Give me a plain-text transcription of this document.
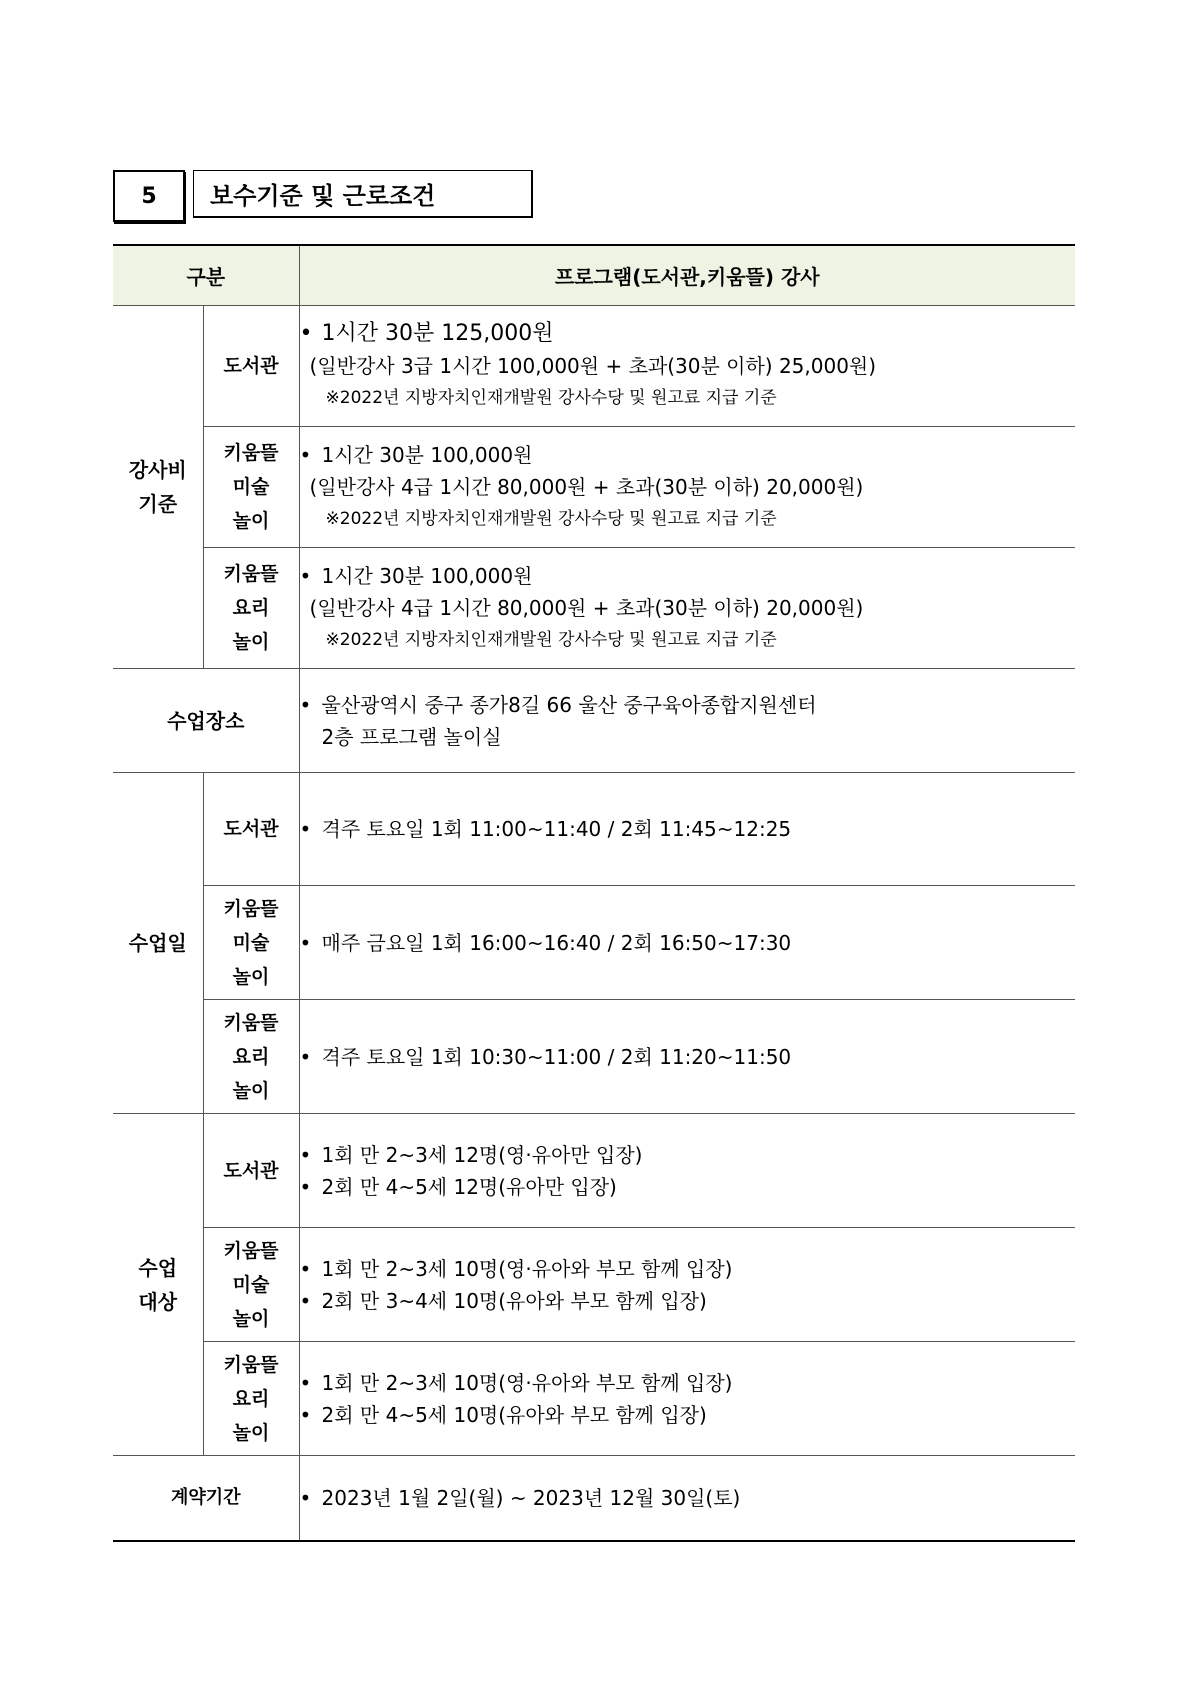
5	보수기준 및 근로조건
구분		프로그램(도서관,키움뜰) 강사
강사비 기준	도서관	• 1시간 30분 125,000원
(일반강사 3급 1시간 100,000원 + 초과(30분 이하) 25,000원)
※2022년 지방자치인재개발원 강사수당 및 원고료 지급 기준

	키움뜰 미술 놀이	• 1시간 30분 100,000원
(일반강사 4급 1시간 80,000원 + 초과(30분 이하) 20,000원)
※2022년 지방자치인재개발원 강사수당 및 원고료 지급 기준

	키움뜰 요리 놀이	• 1시간 30분 100,000원
(일반강사 4급 1시간 80,000원 + 초과(30분 이하) 20,000원)
※2022년 지방자치인재개발원 강사수당 및 원고료 지급 기준

수업장소		• 울산광역시 중구 종가8길 66 울산 중구육아종합지원센터
2층 프로그램 놀이실

수업일	도서관	• 격주 토요일 1회 11:00~11:40 / 2회 11:45~12:25

	키움뜰 미술 놀이	• 매주 금요일 1회 16:00~16:40 / 2회 16:50~17:30

	키움뜰 요리 놀이	• 격주 토요일 1회 10:30~11:00 / 2회 11:20~11:50

수업 대상	도서관	• 1회 만 2~3세 12명(영·유아만 입장)
• 2회 만 4~5세 12명(유아만 입장)

	키움뜰 미술 놀이	• 1회 만 2~3세 10명(영·유아와 부모 함께 입장)
• 2회 만 3~4세 10명(유아와 부모 함께 입장)

	키움뜰 요리 놀이	• 1회 만 2~3세 10명(영·유아와 부모 함께 입장)
• 2회 만 4~5세 10명(유아와 부모 함께 입장)

계약기간		• 2023년 1월 2일(월) ~ 2023년 12월 30일(토)
